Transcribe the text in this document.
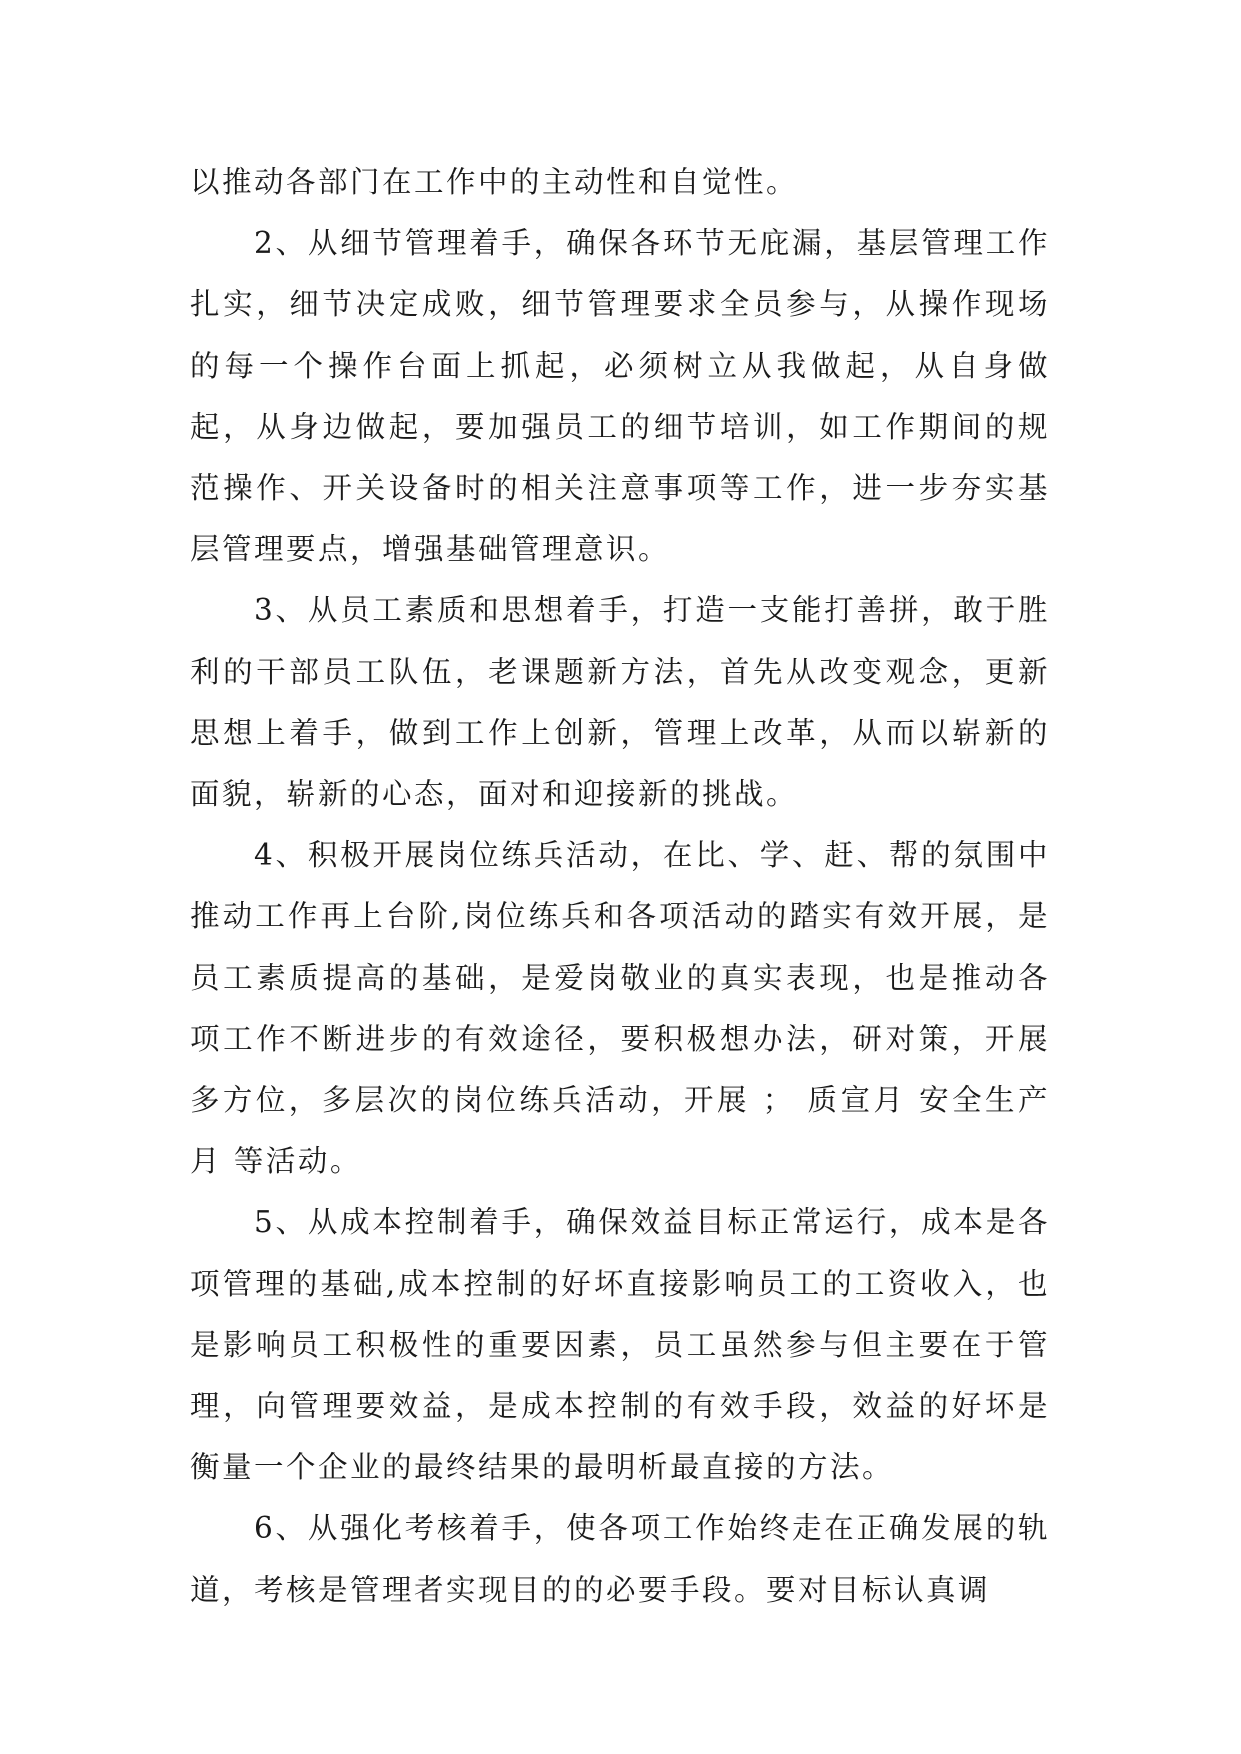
以推动各部门在工作中的主动性和自觉性。

2、从细节管理着手，确保各环节无庇漏，基层管理工作扎实，细节决定成败，细节管理要求全员参与，从操作现场的每一个操作台面上抓起，必须树立从我做起，从自身做起，从身边做起，要加强员工的细节培训，如工作期间的规范操作、开关设备时的相关注意事项等工作，进一步夯实基层管理要点，增强基础管理意识。

3、从员工素质和思想着手，打造一支能打善拼，敢于胜利的干部员工队伍，老课题新方法，首先从改变观念，更新思想上着手，做到工作上创新，管理上改革，从而以崭新的面貌，崭新的心态，面对和迎接新的挑战。

4、积极开展岗位练兵活动，在比、学、赶、帮的氛围中推动工作再上台阶,岗位练兵和各项活动的踏实有效开展，是员工素质提高的基础，是爱岗敬业的真实表现，也是推动各项工作不断进步的有效途径，要积极想办法，研对策，开展多方位，多层次的岗位练兵活动，开展 ； 质宣月 安全生产月 等活动。

5、从成本控制着手，确保效益目标正常运行，成本是各项管理的基础,成本控制的好坏直接影响员工的工资收入，也是影响员工积极性的重要因素，员工虽然参与但主要在于管理，向管理要效益，是成本控制的有效手段，效益的好坏是衡量一个企业的最终结果的最明析最直接的方法。

6、从强化考核着手，使各项工作始终走在正确发展的轨道，考核是管理者实现目的的必要手段。要对目标认真调
